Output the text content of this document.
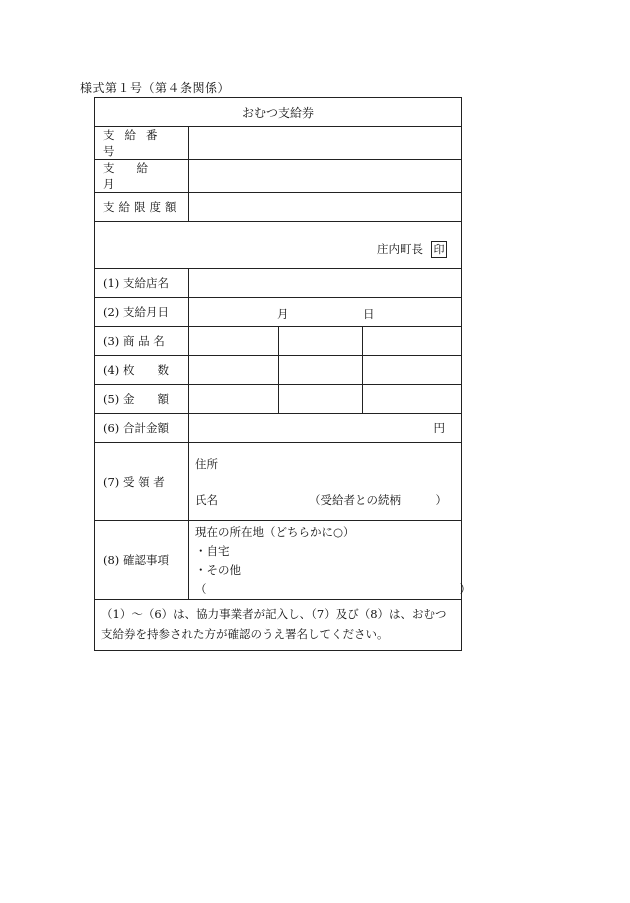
様式第１号（第４条関係）
おむつ支給券			
支給番号			
支給月			
支給限度額			

庄内町長 印			

(1) 支給店名			
(2) 支給月日	月 日		

(3) 商 品 名			
(4) 枚　　数			
(5) 金　　額			
(6) 合計金額	円		
(7) 受 領 者	住所
氏名 （受給者との続柄　　　）		

(8) 確認事項	現在の所在地（どちらかに○）
・自宅
・その他
（　　　　　　　　　　　　　　　　　　　　　　）		

（1）～（6）は、協力事業者が記入し、（7）及び（8）は、おむつ支給券を持参された方が確認のうえ署名してください。			
